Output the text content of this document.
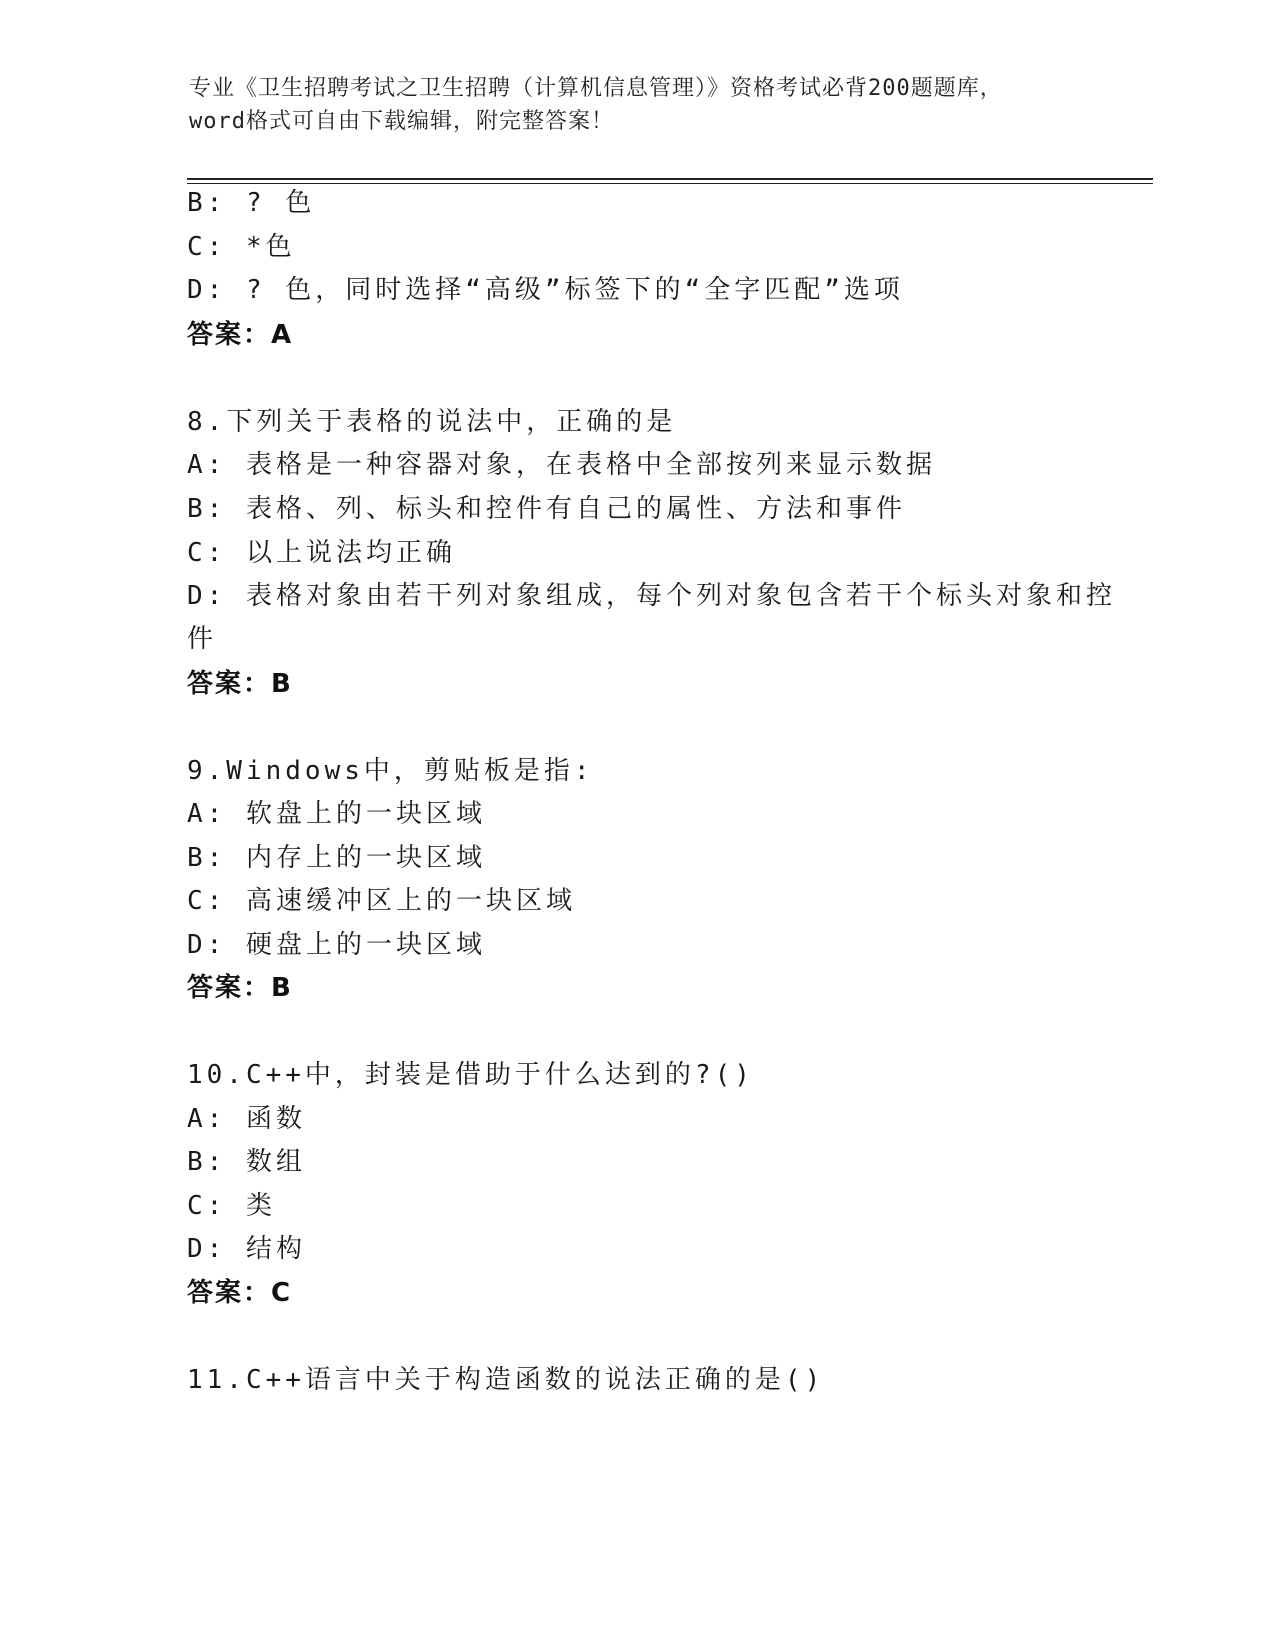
专业《卫生招聘考试之卫生招聘（计算机信息管理）》资格考试必背200题题库，
word格式可自由下载编辑，附完整答案！
B: ? 色
C: *色
D: ? 色，同时选择“高级”标签下的“全字匹配”选项
答案：A
8.下列关于表格的说法中，正确的是
A: 表格是一种容器对象，在表格中全部按列来显示数据
B: 表格、列、标头和控件有自己的属性、方法和事件
C: 以上说法均正确
D: 表格对象由若干列对象组成，每个列对象包含若干个标头对象和控
件
答案：B
9.Windows中，剪贴板是指:
A: 软盘上的一块区域
B: 内存上的一块区域
C: 高速缓冲区上的一块区域
D: 硬盘上的一块区域
答案：B
10.C++中，封装是借助于什么达到的?()
A: 函数
B: 数组
C: 类
D: 结构
答案：C
11.C++语言中关于构造函数的说法正确的是()
